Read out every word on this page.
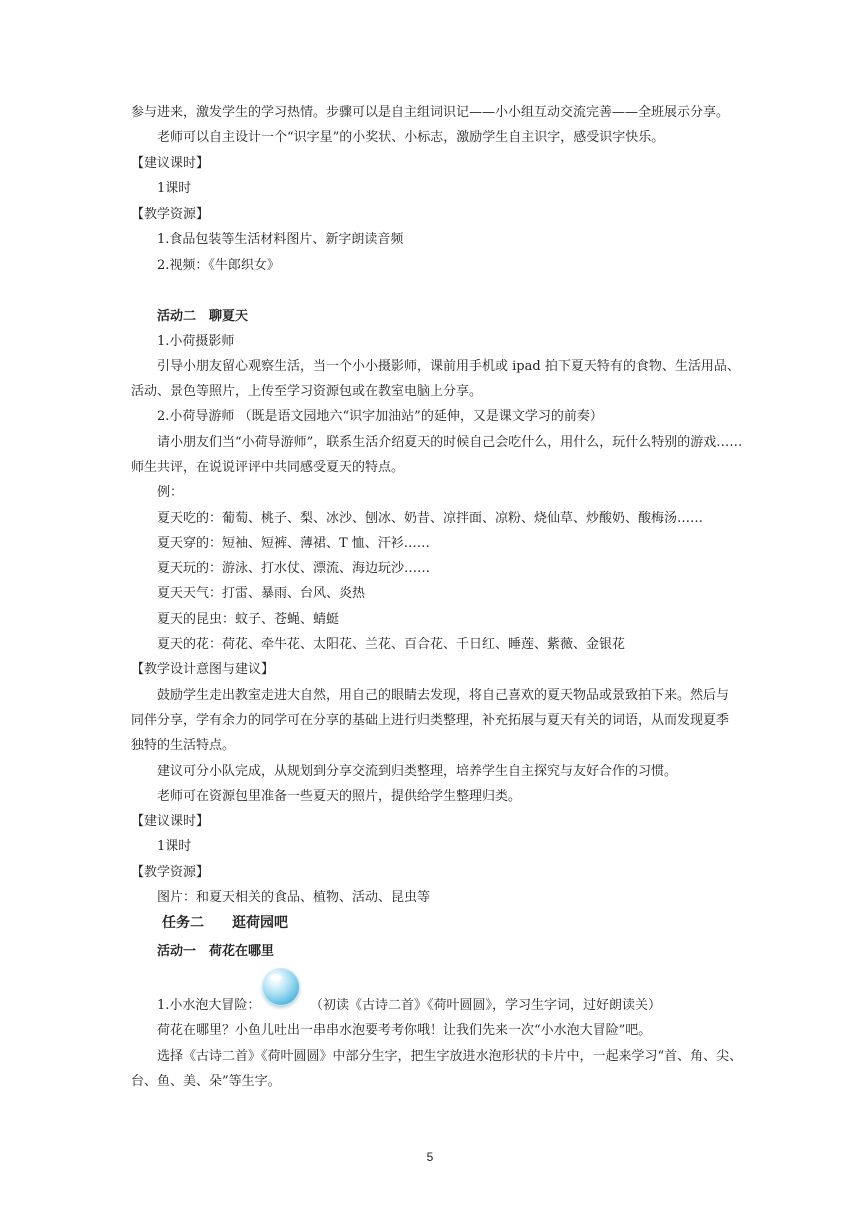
参与进来，激发学生的学习热情。步骤可以是自主组词识记——小小组互动交流完善——全班展示分享。
老师可以自主设计一个“识字星”的小奖状、小标志，激励学生自主识字，感受识字快乐。
【建议课时】
1课时
【教学资源】
1.食品包装等生活材料图片、新字朗读音频
2.视频：《牛郎织女》
活动二　聊夏天
1.小荷摄影师
引导小朋友留心观察生活，当一个小小摄影师，课前用手机或 ipad 拍下夏天特有的食物、生活用品、
活动、景色等照片，上传至学习资源包或在教室电脑上分享。
2.小荷导游师 （既是语文园地六“识字加油站”的延伸，又是课文学习的前奏）
请小朋友们当“小荷导游师”，联系生活介绍夏天的时候自己会吃什么，用什么，玩什么特别的游戏……
师生共评，在说说评评中共同感受夏天的特点。
例：
夏天吃的：葡萄、桃子、梨、冰沙、刨冰、奶昔、凉拌面、凉粉、烧仙草、炒酸奶、酸梅汤……
夏天穿的：短袖、短裤、薄裙、T 恤、汗衫……
夏天玩的：游泳、打水仗、漂流、海边玩沙……
夏天天气：打雷、暴雨、台风、炎热
夏天的昆虫：蚊子、苍蝇、蜻蜓
夏天的花：荷花、牵牛花、太阳花、兰花、百合花、千日红、睡莲、紫薇、金银花
【教学设计意图与建议】
鼓励学生走出教室走进大自然，用自己的眼睛去发现，将自己喜欢的夏天物品或景致拍下来。然后与
同伴分享，学有余力的同学可在分享的基础上进行归类整理，补充拓展与夏天有关的词语，从而发现夏季
独特的生活特点。
建议可分小队完成，从规划到分享交流到归类整理，培养学生自主探究与友好合作的习惯。
老师可在资源包里准备一些夏天的照片，提供给学生整理归类。
【建议课时】
1课时
【教学资源】
图片：和夏天相关的食品、植物、活动、昆虫等
任务二　　逛荷园吧
活动一　荷花在哪里
1.小水泡大冒险：	（初读《古诗二首》《荷叶圆圆》，学习生字词，过好朗读关）
荷花在哪里？小鱼儿吐出一串串水泡要考考你哦！让我们先来一次“小水泡大冒险”吧。
选择《古诗二首》《荷叶圆圆》中部分生字，把生字放进水泡形状的卡片中，一起来学习“首、角、尖、
台、鱼、美、朵”等生字。
5
